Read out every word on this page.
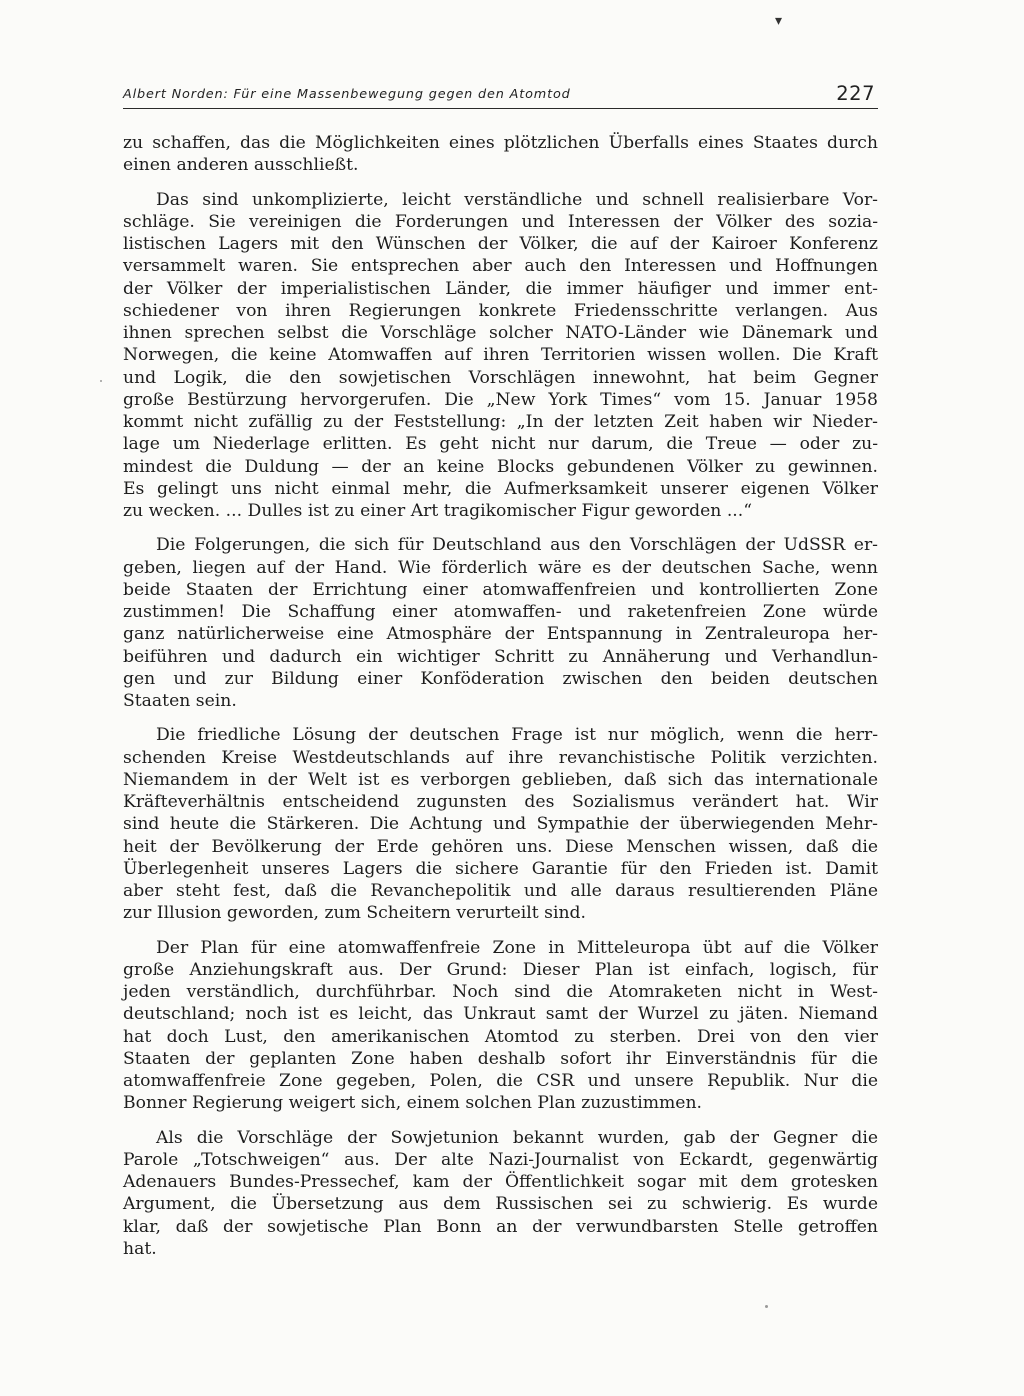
▾
Albert Norden: Für eine Massenbewegung gegen den Atomtod	227
zu schaffen, das die Möglichkeiten eines plötzlichen Überfalls eines Staates durch
einen anderen ausschließt.
Das sind unkomplizierte, leicht verständliche und schnell realisierbare Vor-
schläge. Sie vereinigen die Forderungen und Interessen der Völker des sozia-
listischen Lagers mit den Wünschen der Völker, die auf der Kairoer Konferenz
versammelt waren. Sie entsprechen aber auch den Interessen und Hoffnungen
der Völker der imperialistischen Länder, die immer häufiger und immer ent-
schiedener von ihren Regierungen konkrete Friedensschritte verlangen. Aus
ihnen sprechen selbst die Vorschläge solcher NATO-Länder wie Dänemark und
Norwegen, die keine Atomwaffen auf ihren Territorien wissen wollen. Die Kraft
und Logik, die den sowjetischen Vorschlägen innewohnt, hat beim Gegner
große Bestürzung hervorgerufen. Die „New York Times“ vom 15. Januar 1958
kommt nicht zufällig zu der Feststellung: „In der letzten Zeit haben wir Nieder-
lage um Niederlage erlitten. Es geht nicht nur darum, die Treue — oder zu-
mindest die Duldung — der an keine Blocks gebundenen Völker zu gewinnen.
Es gelingt uns nicht einmal mehr, die Aufmerksamkeit unserer eigenen Völker
zu wecken. ... Dulles ist zu einer Art tragikomischer Figur geworden ...“
Die Folgerungen, die sich für Deutschland aus den Vorschlägen der UdSSR er-
geben, liegen auf der Hand. Wie förderlich wäre es der deutschen Sache, wenn
beide Staaten der Errichtung einer atomwaffenfreien und kontrollierten Zone
zustimmen! Die Schaffung einer atomwaffen- und raketenfreien Zone würde
ganz natürlicherweise eine Atmosphäre der Entspannung in Zentraleuropa her-
beiführen und dadurch ein wichtiger Schritt zu Annäherung und Verhandlun-
gen und zur Bildung einer Konföderation zwischen den beiden deutschen
Staaten sein.
Die friedliche Lösung der deutschen Frage ist nur möglich, wenn die herr-
schenden Kreise Westdeutschlands auf ihre revanchistische Politik verzichten.
Niemandem in der Welt ist es verborgen geblieben, daß sich das internationale
Kräfteverhältnis entscheidend zugunsten des Sozialismus verändert hat. Wir
sind heute die Stärkeren. Die Achtung und Sympathie der überwiegenden Mehr-
heit der Bevölkerung der Erde gehören uns. Diese Menschen wissen, daß die
Überlegenheit unseres Lagers die sichere Garantie für den Frieden ist. Damit
aber steht fest, daß die Revanchepolitik und alle daraus resultierenden Pläne
zur Illusion geworden, zum Scheitern verurteilt sind.
Der Plan für eine atomwaffenfreie Zone in Mitteleuropa übt auf die Völker
große Anziehungskraft aus. Der Grund: Dieser Plan ist einfach, logisch, für
jeden verständlich, durchführbar. Noch sind die Atomraketen nicht in West-
deutschland; noch ist es leicht, das Unkraut samt der Wurzel zu jäten. Niemand
hat doch Lust, den amerikanischen Atomtod zu sterben. Drei von den vier
Staaten der geplanten Zone haben deshalb sofort ihr Einverständnis für die
atomwaffenfreie Zone gegeben, Polen, die CSR und unsere Republik. Nur die
Bonner Regierung weigert sich, einem solchen Plan zuzustimmen.
Als die Vorschläge der Sowjetunion bekannt wurden, gab der Gegner die
Parole „Totschweigen“ aus. Der alte Nazi-Journalist von Eckardt, gegenwärtig
Adenauers Bundes-Pressechef, kam der Öffentlichkeit sogar mit dem grotesken
Argument, die Übersetzung aus dem Russischen sei zu schwierig. Es wurde
klar, daß der sowjetische Plan Bonn an der verwundbarsten Stelle getroffen
hat.
